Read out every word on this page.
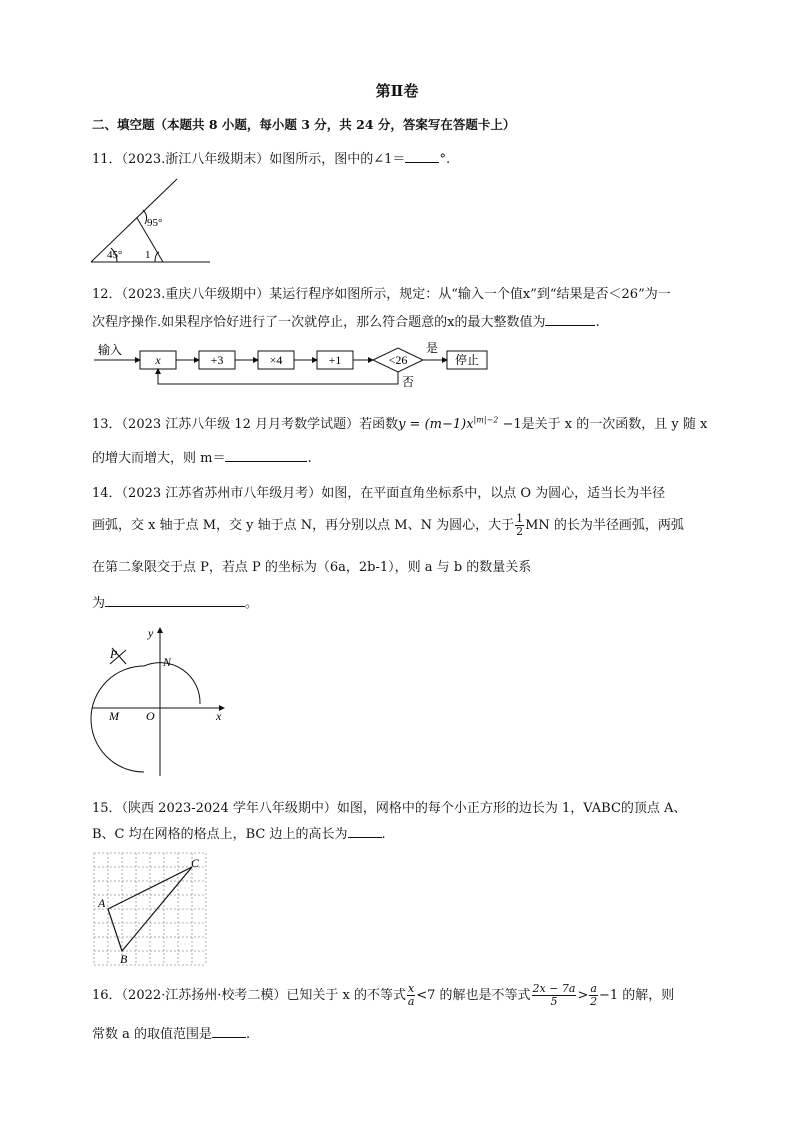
第Ⅱ卷
二、填空题（本题共 8 小题，每小题 3 分，共 24 分，答案写在答题卡上）
11．（2023.浙江八年级期末）如图所示，图中的∠1＝	°.
95°
45° 1
12．（2023.重庆八年级期中）某运行程序如图所示，规定：从“输入一个值x”到“结果是否＜26”为一
次程序操作.如果程序恰好进行了一次就停止，那么符合题意的x的最大整数值为	.
输入
x	+3	×4	+1	<26
是
停止
否
13．（2023 江苏八年级 12 月月考数学试题）若函数$y = (m-1)x^{|m|-2} -1$是关于 x 的一次函数，且 y 随 x
的增大而增大，则 m＝	.
14．（2023 江苏省苏州市八年级月考）如图，在平面直角坐标系中，以点 O 为圆心，适当长为半径
画弧，交 x 轴于点 M，交 y 轴于点 N，再分别以点 M、N 为圆心，大于 $\frac{1}{2}$ MN 的长为半径画弧，两弧
在第二象限交于点 P，若点 P 的坐标为（6a，2b-1），则 a 与 b 的数量关系
为	。
y
x
P
N
M O
15．（陕西 2023-2024 学年八年级期中）如图，网格中的每个小正方形的边长为 1，VABC的顶点 A、
B、C 均在网格的格点上，BC 边上的高长为	.
A
B
C
16．（2022·江苏扬州·校考二模）已知关于 x 的不等式 $\frac{x}{a} <7$ 的解也是不等式 $\frac{2x - 7a}{5} > \frac{a}{2} -1$ 的解，则
常数 a 的取值范围是	.
